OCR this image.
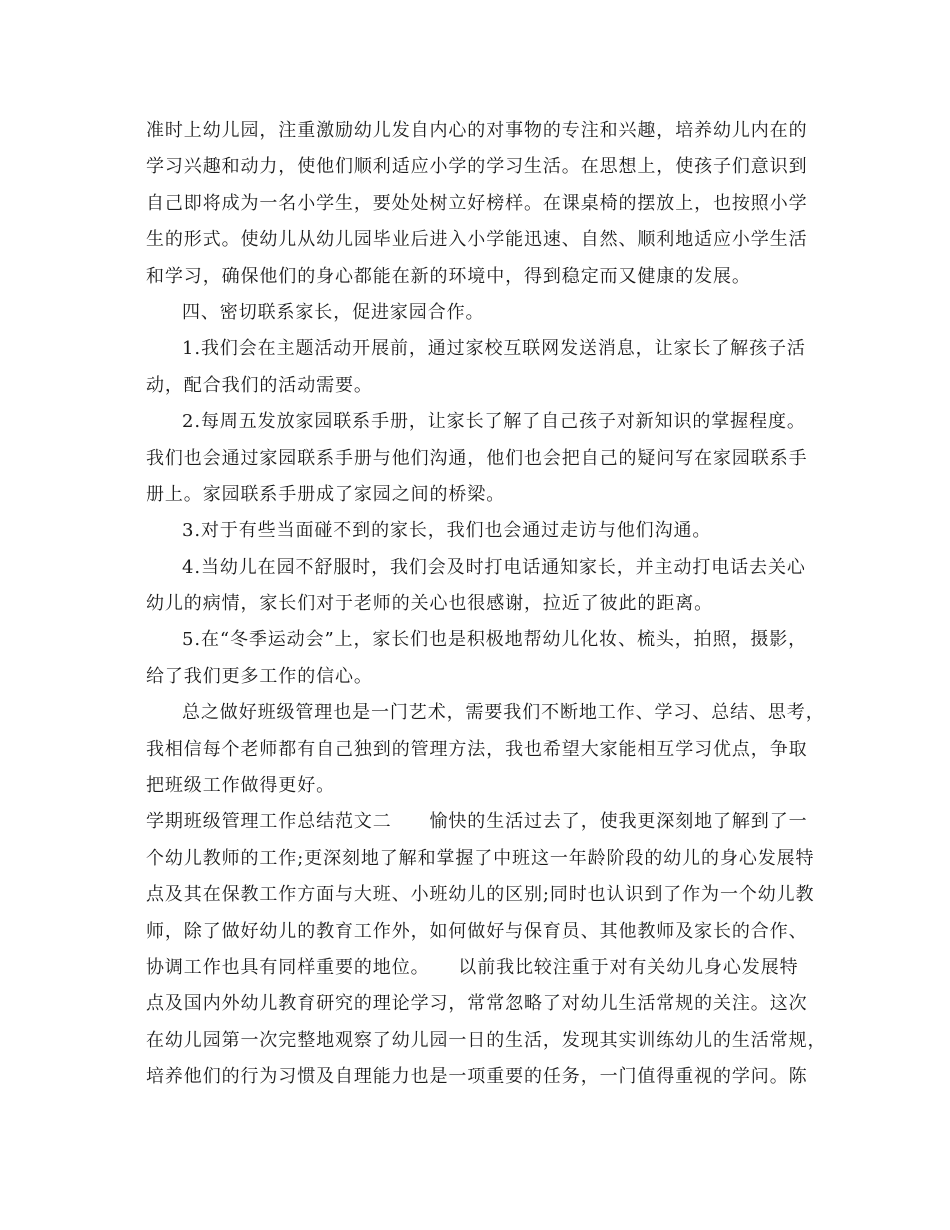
准时上幼儿园，注重激励幼儿发自内心的对事物的专注和兴趣，培养幼儿内在的
学习兴趣和动力，使他们顺利适应小学的学习生活。在思想上，使孩子们意识到
自己即将成为一名小学生，要处处树立好榜样。在课桌椅的摆放上，也按照小学
生的形式。使幼儿从幼儿园毕业后进入小学能迅速、自然、顺利地适应小学生活
和学习，确保他们的身心都能在新的环境中，得到稳定而又健康的发展。
四、密切联系家长，促进家园合作。
1.我们会在主题活动开展前，通过家校互联网发送消息，让家长了解孩子活
动，配合我们的活动需要。
2.每周五发放家园联系手册，让家长了解了自己孩子对新知识的掌握程度。
我们也会通过家园联系手册与他们沟通，他们也会把自己的疑问写在家园联系手
册上。家园联系手册成了家园之间的桥梁。
3.对于有些当面碰不到的家长，我们也会通过走访与他们沟通。
4.当幼儿在园不舒服时，我们会及时打电话通知家长，并主动打电话去关心
幼儿的病情，家长们对于老师的关心也很感谢，拉近了彼此的距离。
5.在“冬季运动会”上，家长们也是积极地帮幼儿化妆、梳头，拍照，摄影，
给了我们更多工作的信心。
总之做好班级管理也是一门艺术，需要我们不断地工作、学习、总结、思考，
我相信每个老师都有自己独到的管理方法，我也希望大家能相互学习优点，争取
把班级工作做得更好。
学期班级管理工作总结范文二　　愉快的生活过去了，使我更深刻地了解到了一
个幼儿教师的工作;更深刻地了解和掌握了中班这一年龄阶段的幼儿的身心发展特
点及其在保教工作方面与大班、小班幼儿的区别;同时也认识到了作为一个幼儿教
师，除了做好幼儿的教育工作外，如何做好与保育员、其他教师及家长的合作、
协调工作也具有同样重要的地位。　　以前我比较注重于对有关幼儿身心发展特
点及国内外幼儿教育研究的理论学习，常常忽略了对幼儿生活常规的关注。这次
在幼儿园第一次完整地观察了幼儿园一日的生活，发现其实训练幼儿的生活常规，
培养他们的行为习惯及自理能力也是一项重要的任务，一门值得重视的学问。陈
